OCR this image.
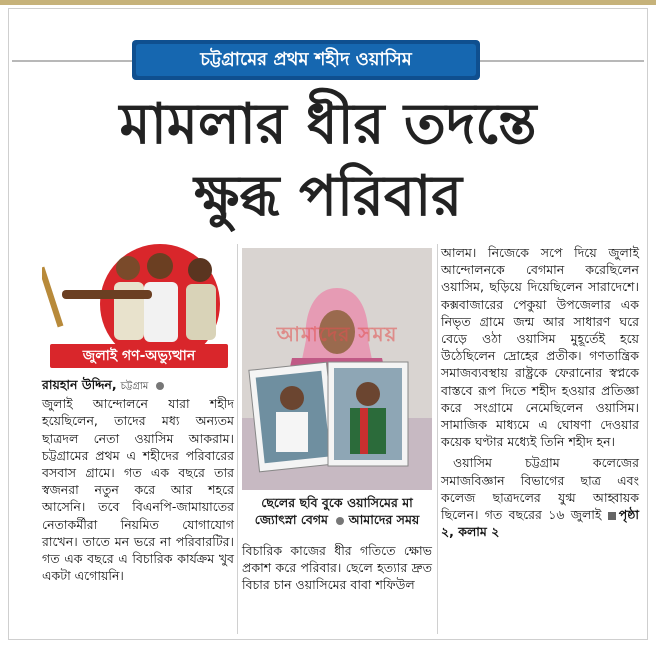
চট্টগ্রামের প্রথম শহীদ ওয়াসিম
মামলার ধীর তদন্তে
ক্ষুব্ধ পরিবার
জুলাই গণ-অভ্যুত্থান
রায়হান উদ্দিন, চট্টগ্রাম
জুলাই আন্দোলনে যারা শহীদ হয়েছিলেন, তাদের মধ্য অন্যতম ছাত্রদল নেতা ওয়াসিম আকরাম। চট্টগ্রামের প্রথম এ শহীদের পরিবারের বসবাস গ্রামে। গত এক বছরে তার স্বজনরা নতুন করে আর শহরে আসেনি। তবে বিএনপি-জামায়াতের নেতাকর্মীরা নিয়মিত যোগাযোগ রাখেন। তাতে মন ভরে না পরিবারটির। গত এক বছরে এ বিচারিক কার্যক্রম খুব একটা এগোয়নি।
আমাদের সময়
ছেলের ছবি বুকে ওয়াসিমের মা জ্যোৎস্না বেগম আমাদের সময়
বিচারিক কাজের ধীর গতিতে ক্ষোভ প্রকাশ করে পরিবার। ছেলে হত্যার দ্রুত বিচার চান ওয়াসিমের বাবা শফিউল
আলম। নিজেকে সপে দিয়ে জুলাই আন্দোলনকে বেগমান করেছিলেন ওয়াসিম, ছড়িয়ে দিয়েছিলেন সারাদেশে। কক্সবাজারের পেকুয়া উপজেলার এক নিভৃত গ্রামে জন্ম আর সাধারণ ঘরে বেড়ে ওঠা ওয়াসিম মুহূর্তেই হয়ে উঠেছিলেন দ্রোহের প্রতীক। গণতান্ত্রিক সমাজব্যবস্থায় রাষ্ট্রকে ফেরানোর স্বপ্নকে বাস্তবে রূপ দিতে শহীদ হওয়ার প্রতিজ্ঞা করে সংগ্রামে নেমেছিলেন ওয়াসিম। সামাজিক মাধ্যমে এ ঘোষণা দেওয়ার কয়েক ঘণ্টার মধ্যেই তিনি শহীদ হন।
ওয়াসিম চট্টগ্রাম কলেজের সমাজবিজ্ঞান বিভাগের ছাত্র এবং কলেজ ছাত্রদলের যুগ্ম আহ্বায়ক ছিলেন। গত বছরের ১৬ জুলাই পৃষ্ঠা ২, কলাম ২
